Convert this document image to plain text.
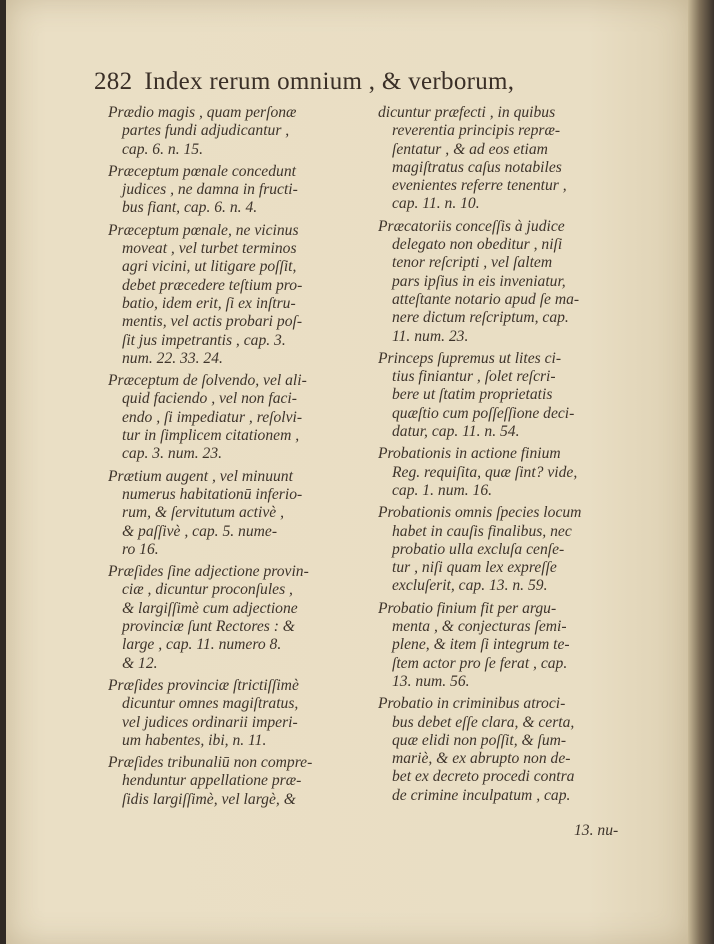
282 Index rerum omnium , & verborum,
Prædio magis , quam perſonæ
partes fundi adjudicantur ,
cap. 6. n. 15.
Præceptum pœnale concedunt
judices , ne damna in fructi-
bus fiant, cap. 6. n. 4.
Præceptum pœnale, ne vicinus
moveat , vel turbet terminos
agri vicini, ut litigare poſſit,
debet præcedere teſtium pro-
batio, idem erit, ſi ex inſtru-
mentis, vel actis probari poſ-
ſit jus impetrantis , cap. 3.
num. 22. 33. 24.
Præceptum de ſolvendo, vel ali-
quid faciendo , vel non faci-
endo , ſi impediatur , reſolvi-
tur in ſimplicem citationem ,
cap. 3. num. 23.
Prætium augent , vel minuunt
numerus habitationū inferio-
rum, & ſervitutum activè ,
& paſſivè , cap. 5. nume-
ro 16.
Præſides ſine adjectione provin-
ciæ , dicuntur proconſules ,
& largiſſimè cum adjectione
provinciæ ſunt Rectores : &
large , cap. 11. numero 8.
& 12.
Præſides provinciæ ſtrictiſſimè
dicuntur omnes magiſtratus,
vel judices ordinarii imperi-
um habentes, ibi, n. 11.
Præſides tribunaliū non compre-
henduntur appellatione præ-
ſidis largiſſimè, vel largè, &
dicuntur præfecti , in quibus
reverentia principis repræ-
ſentatur , & ad eos etiam
magiſtratus caſus notabiles
evenientes referre tenentur ,
cap. 11. n. 10.
Præcatoriis conceſſis à judice
delegato non obeditur , niſi
tenor reſcripti , vel ſaltem
pars ipſius in eis inveniatur,
atteſtante notario apud ſe ma-
nere dictum reſcriptum, cap.
11. num. 23.
Princeps ſupremus ut lites ci-
tius finiantur , ſolet reſcri-
bere ut ſtatim proprietatis
quæſtio cum poſſeſſione deci-
datur, cap. 11. n. 54.
Probationis in actione finium
Reg. requiſita, quæ ſint? vide,
cap. 1. num. 16.
Probationis omnis ſpecies locum
habet in cauſis finalibus, nec
probatio ulla excluſa cenſe-
tur , niſi quam lex expreſſe
excluſerit, cap. 13. n. 59.
Probatio finium fit per argu-
menta , & conjecturas ſemi-
plene, & item ſi integrum te-
ſtem actor pro ſe ferat , cap.
13. num. 56.
Probatio in criminibus atroci-
bus debet eſſe clara, & certa,
quæ elidi non poſſit, & ſum-
mariè, & ex abrupto non de-
bet ex decreto procedi contra
de crimine inculpatum , cap.
13. nu-
